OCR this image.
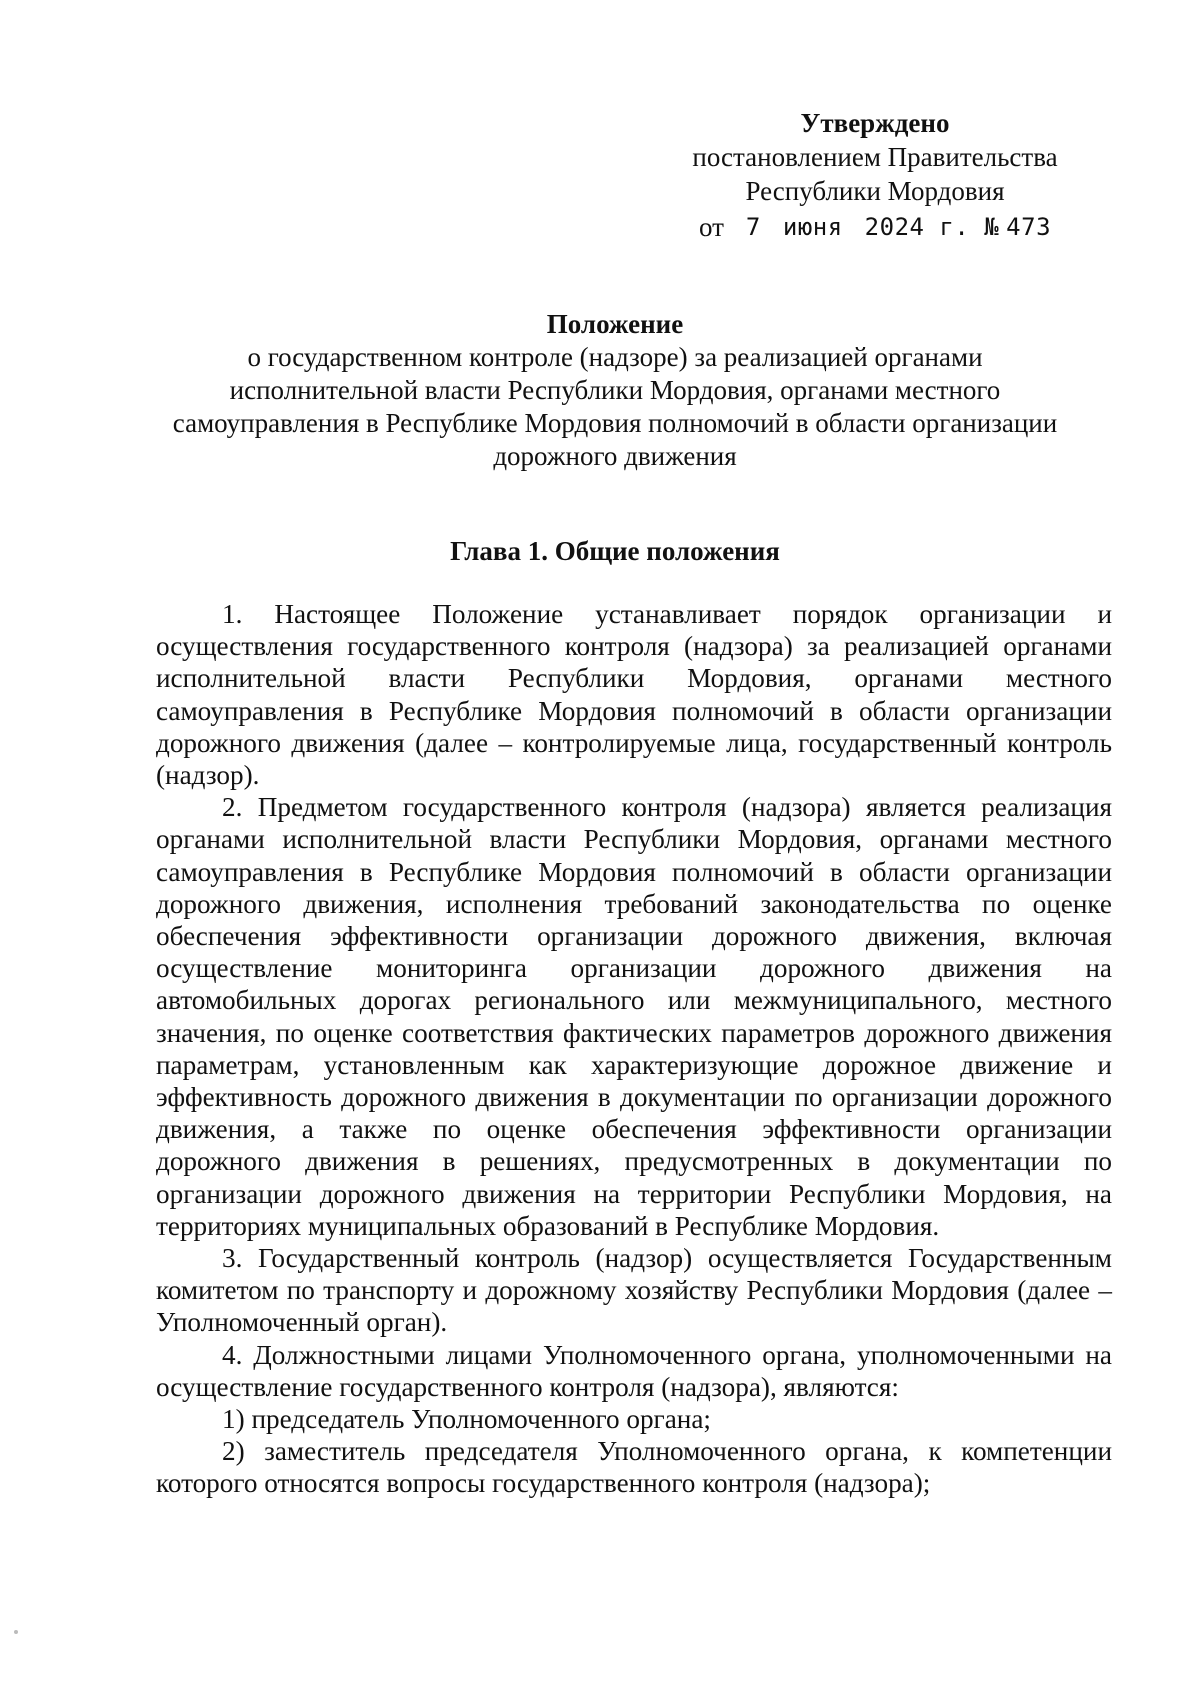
Утверждено
постановлением Правительства
Республики Мордовия
от 7 июня 2024 г. № 473
Положение
о государственном контроле (надзоре) за реализацией органами исполнительной власти Республики Мордовия, органами местного самоуправления в Республике Мордовия полномочий в области организации дорожного движения
Глава 1. Общие положения

1. Настоящее Положение устанавливает порядок организации и осуществления государственного контроля (надзора) за реализацией органами исполнительной власти Республики Мордовия, органами местного самоуправления в Республике Мордовия полномочий в области организации дорожного движения (далее – контролируемые лица, государственный контроль (надзор).

2. Предметом государственного контроля (надзора) является реализация органами исполнительной власти Республики Мордовия, органами местного самоуправления в Республике Мордовия полномочий в области организации дорожного движения, исполнения требований законодательства по оценке обеспечения эффективности организации дорожного движения, включая осуществление мониторинга организации дорожного движения на автомобильных дорогах регионального или межмуниципального, местного значения, по оценке соответствия фактических параметров дорожного движения параметрам, установленным как характеризующие дорожное движение и эффективность дорожного движения в документации по организации дорожного движения, а также по оценке обеспечения эффективности организации дорожного движения в решениях, предусмотренных в документации по организации дорожного движения на территории Республики Мордовия, на территориях муниципальных образований в Республике Мордовия.

3. Государственный контроль (надзор) осуществляется Государственным комитетом по транспорту и дорожному хозяйству Республики Мордовия (далее – Уполномоченный орган).

4. Должностными лицами Уполномоченного органа, уполномоченными на осуществление государственного контроля (надзора), являются:

1) председатель Уполномоченного органа;

2) заместитель председателя Уполномоченного органа, к компетенции которого относятся вопросы государственного контроля (надзора);
